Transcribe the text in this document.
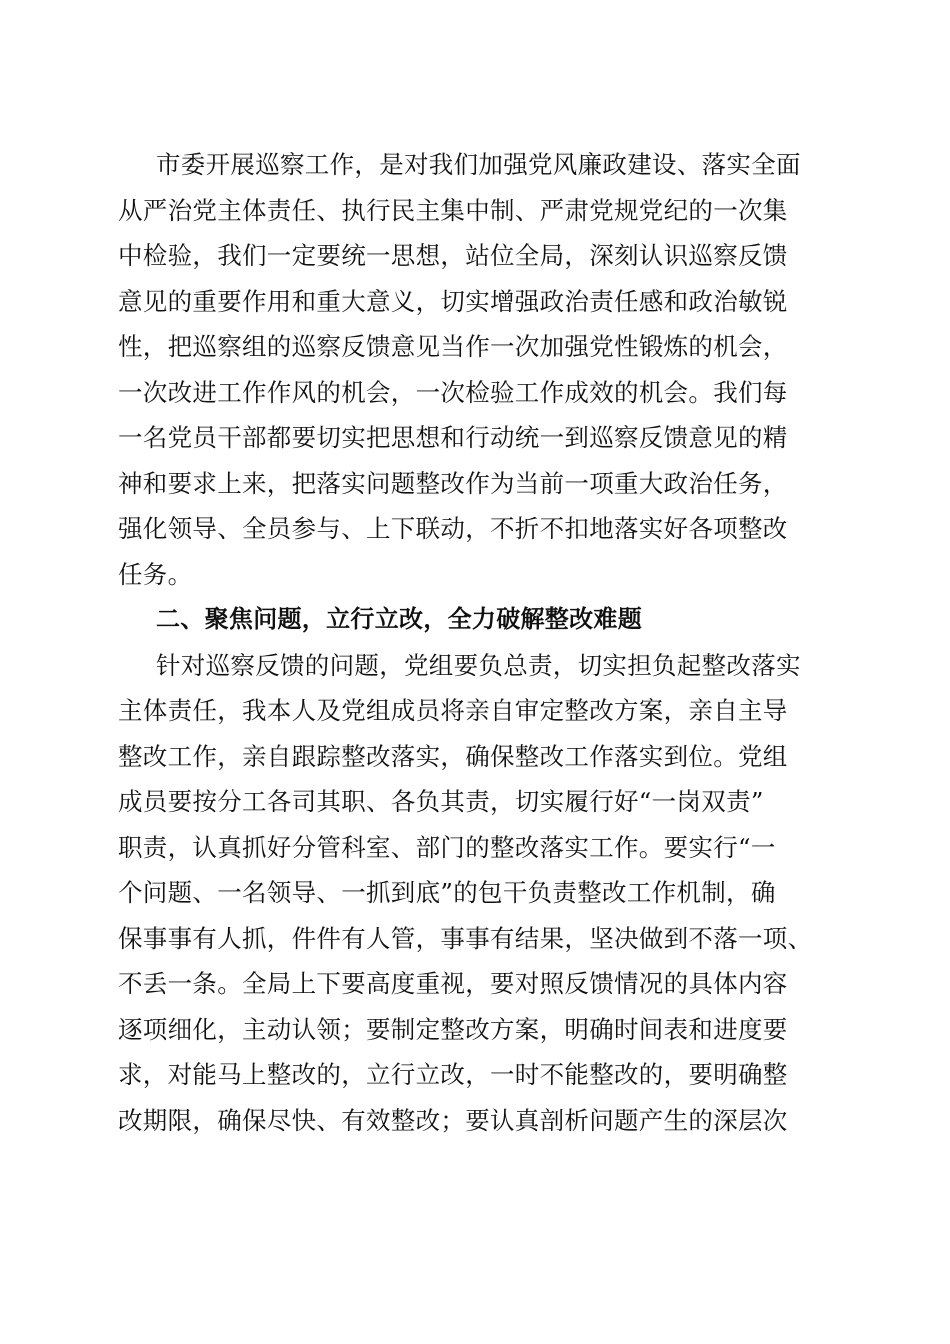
市委开展巡察工作，是对我们加强党风廉政建设、落实全面
从严治党主体责任、执行民主集中制、严肃党规党纪的一次集
中检验，我们一定要统一思想，站位全局，深刻认识巡察反馈
意见的重要作用和重大意义，切实增强政治责任感和政治敏锐
性，把巡察组的巡察反馈意见当作一次加强党性锻炼的机会，
一次改进工作作风的机会，一次检验工作成效的机会。我们每
一名党员干部都要切实把思想和行动统一到巡察反馈意见的精
神和要求上来，把落实问题整改作为当前一项重大政治任务，
强化领导、全员参与、上下联动，不折不扣地落实好各项整改
任务。
二、聚焦问题，立行立改，全力破解整改难题
针对巡察反馈的问题，党组要负总责，切实担负起整改落实
主体责任，我本人及党组成员将亲自审定整改方案，亲自主导
整改工作，亲自跟踪整改落实，确保整改工作落实到位。党组
成员要按分工各司其职、各负其责，切实履行好“一岗双责”
职责，认真抓好分管科室、部门的整改落实工作。要实行“一
个问题、一名领导、一抓到底”的包干负责整改工作机制，确
保事事有人抓，件件有人管，事事有结果，坚决做到不落一项、
不丢一条。全局上下要高度重视，要对照反馈情况的具体内容
逐项细化，主动认领；要制定整改方案，明确时间表和进度要
求，对能马上整改的，立行立改，一时不能整改的，要明确整
改期限，确保尽快、有效整改；要认真剖析问题产生的深层次
